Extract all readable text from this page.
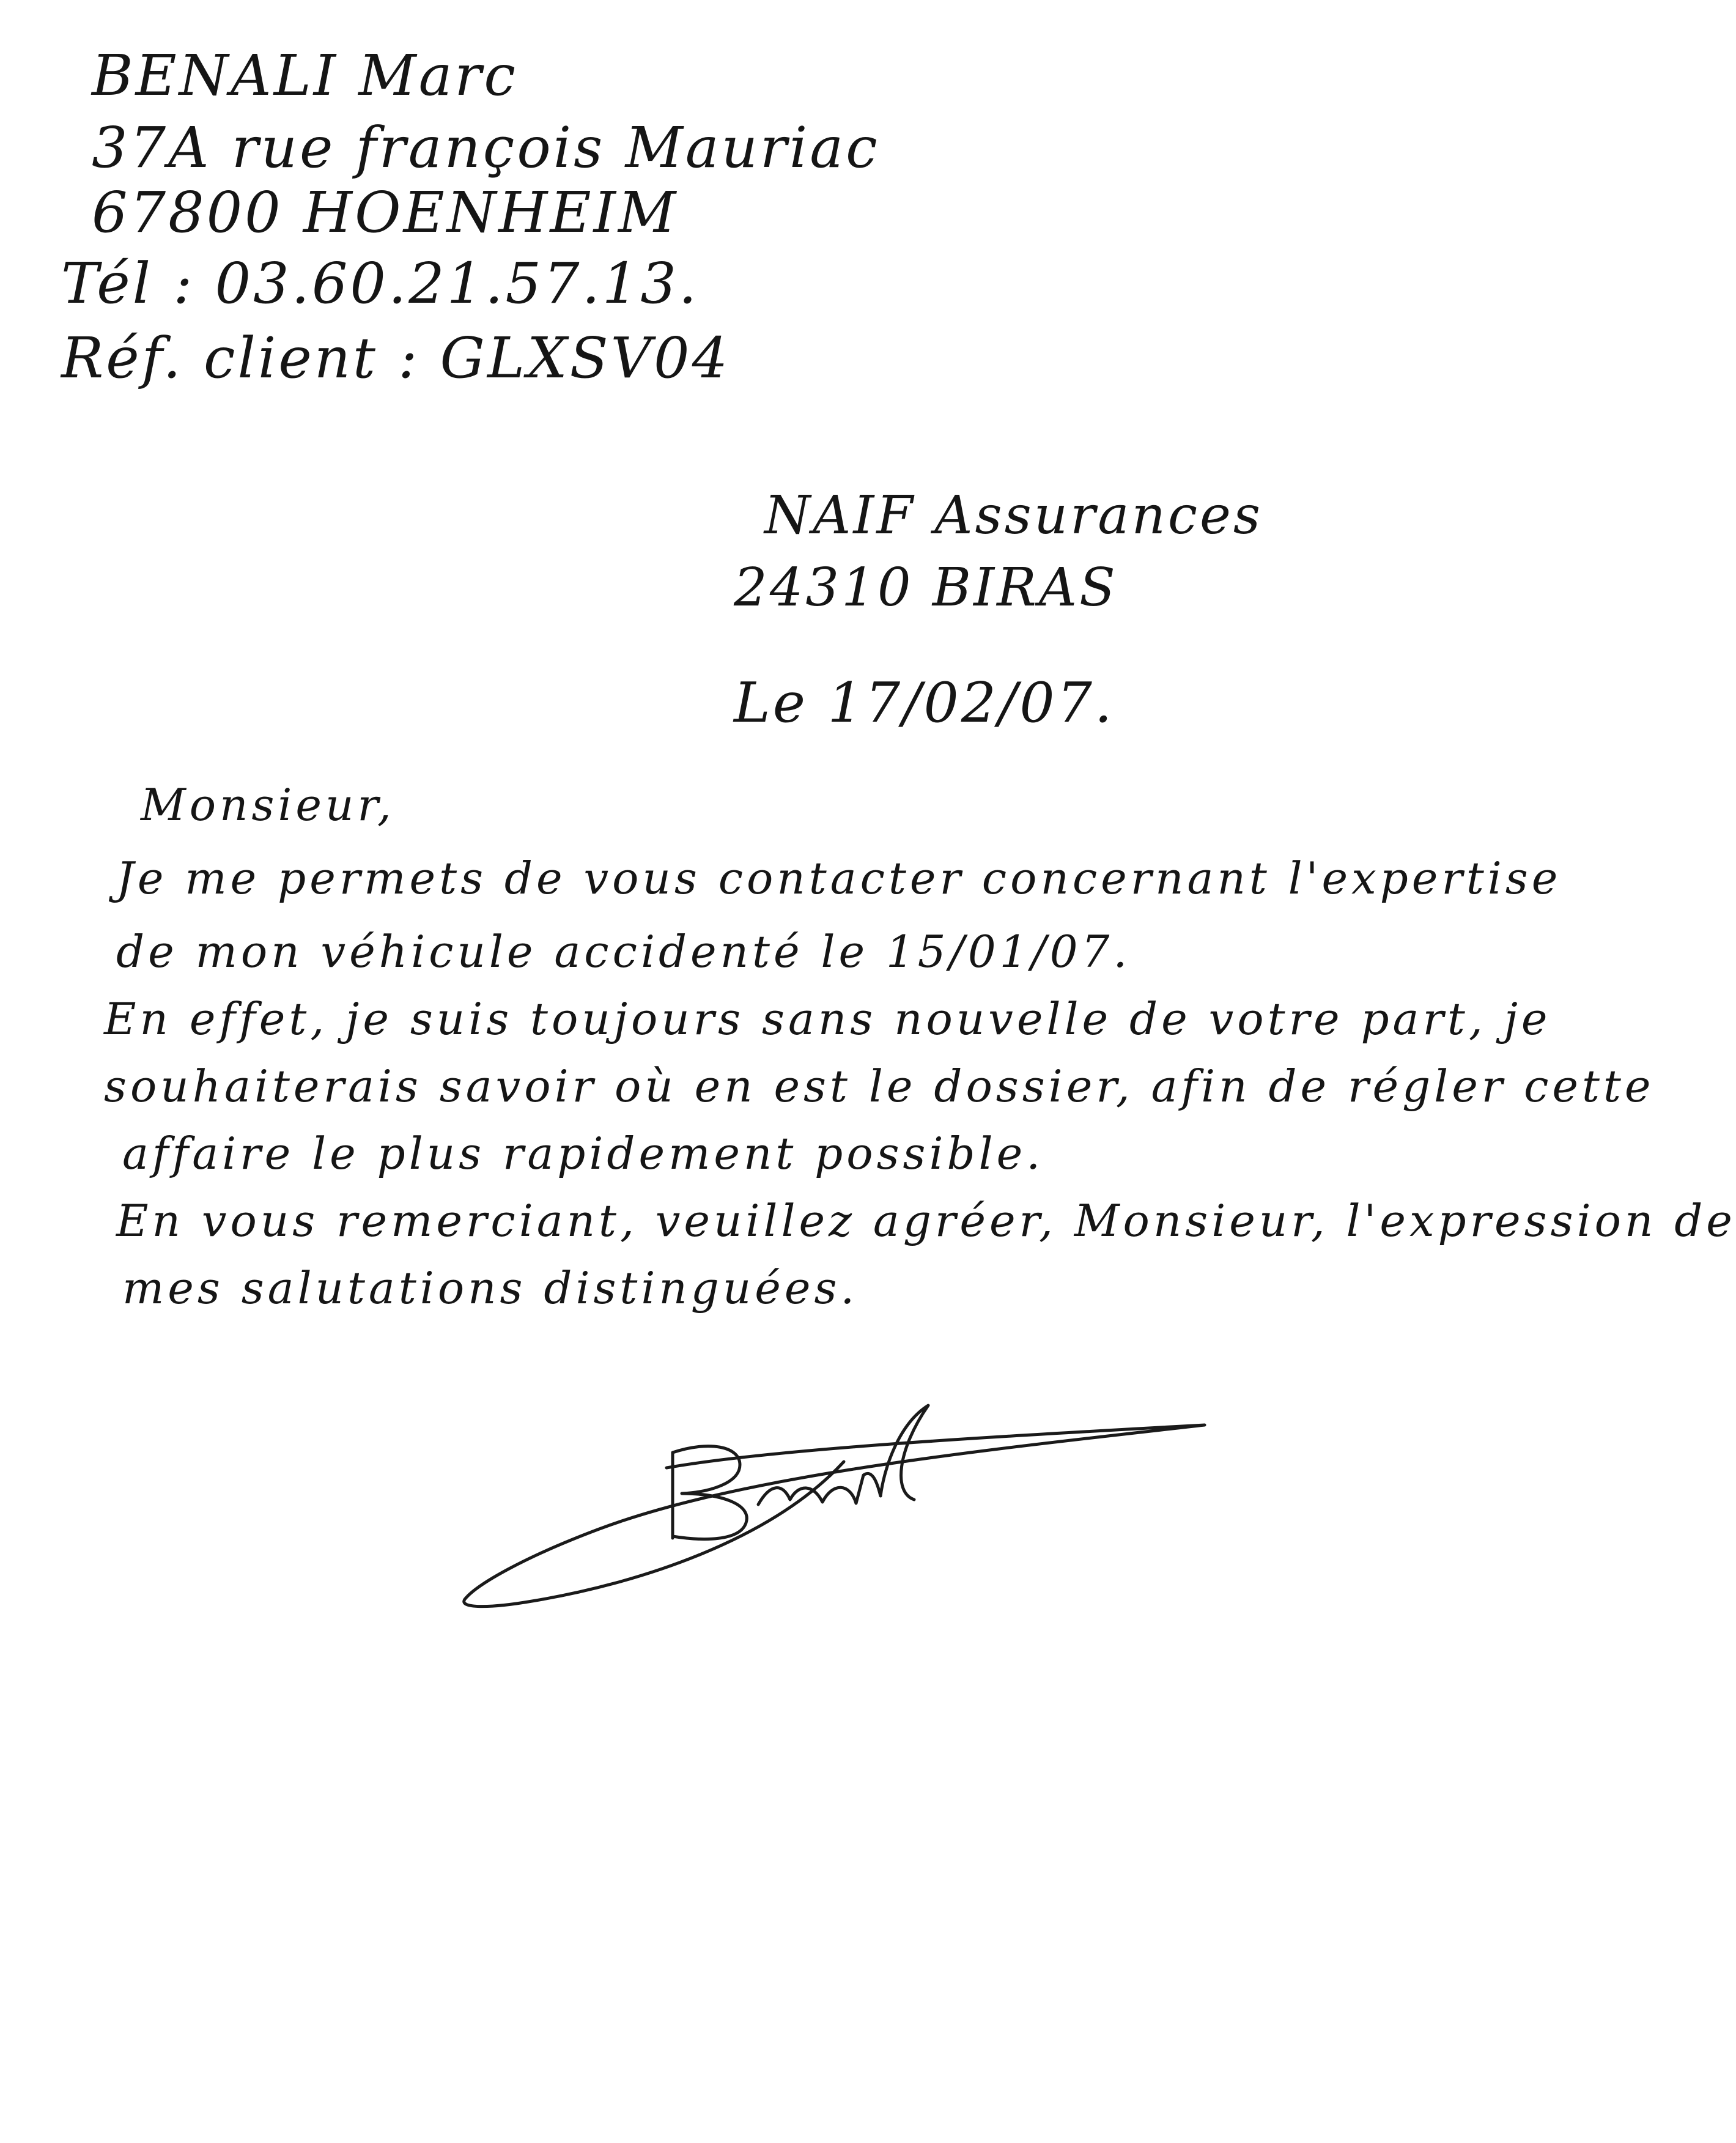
BENALI Marc

37A rue françois Mauriac

67800 HOENHEIM

Tél : 03.60.21.57.13.

Réf. client : GLXSV04

NAIF Assurances

24310 BIRAS

Le 17/02/07.

Monsieur,

Je me permets de vous contacter concernant l'expertise

de mon véhicule accidenté le 15/01/07.

En effet, je suis toujours sans nouvelle de votre part, je

souhaiterais savoir où en est le dossier, afin de régler cette

affaire le plus rapidement possible.

En vous remerciant, veuillez agréer, Monsieur, l'expression de

mes salutations distinguées.
